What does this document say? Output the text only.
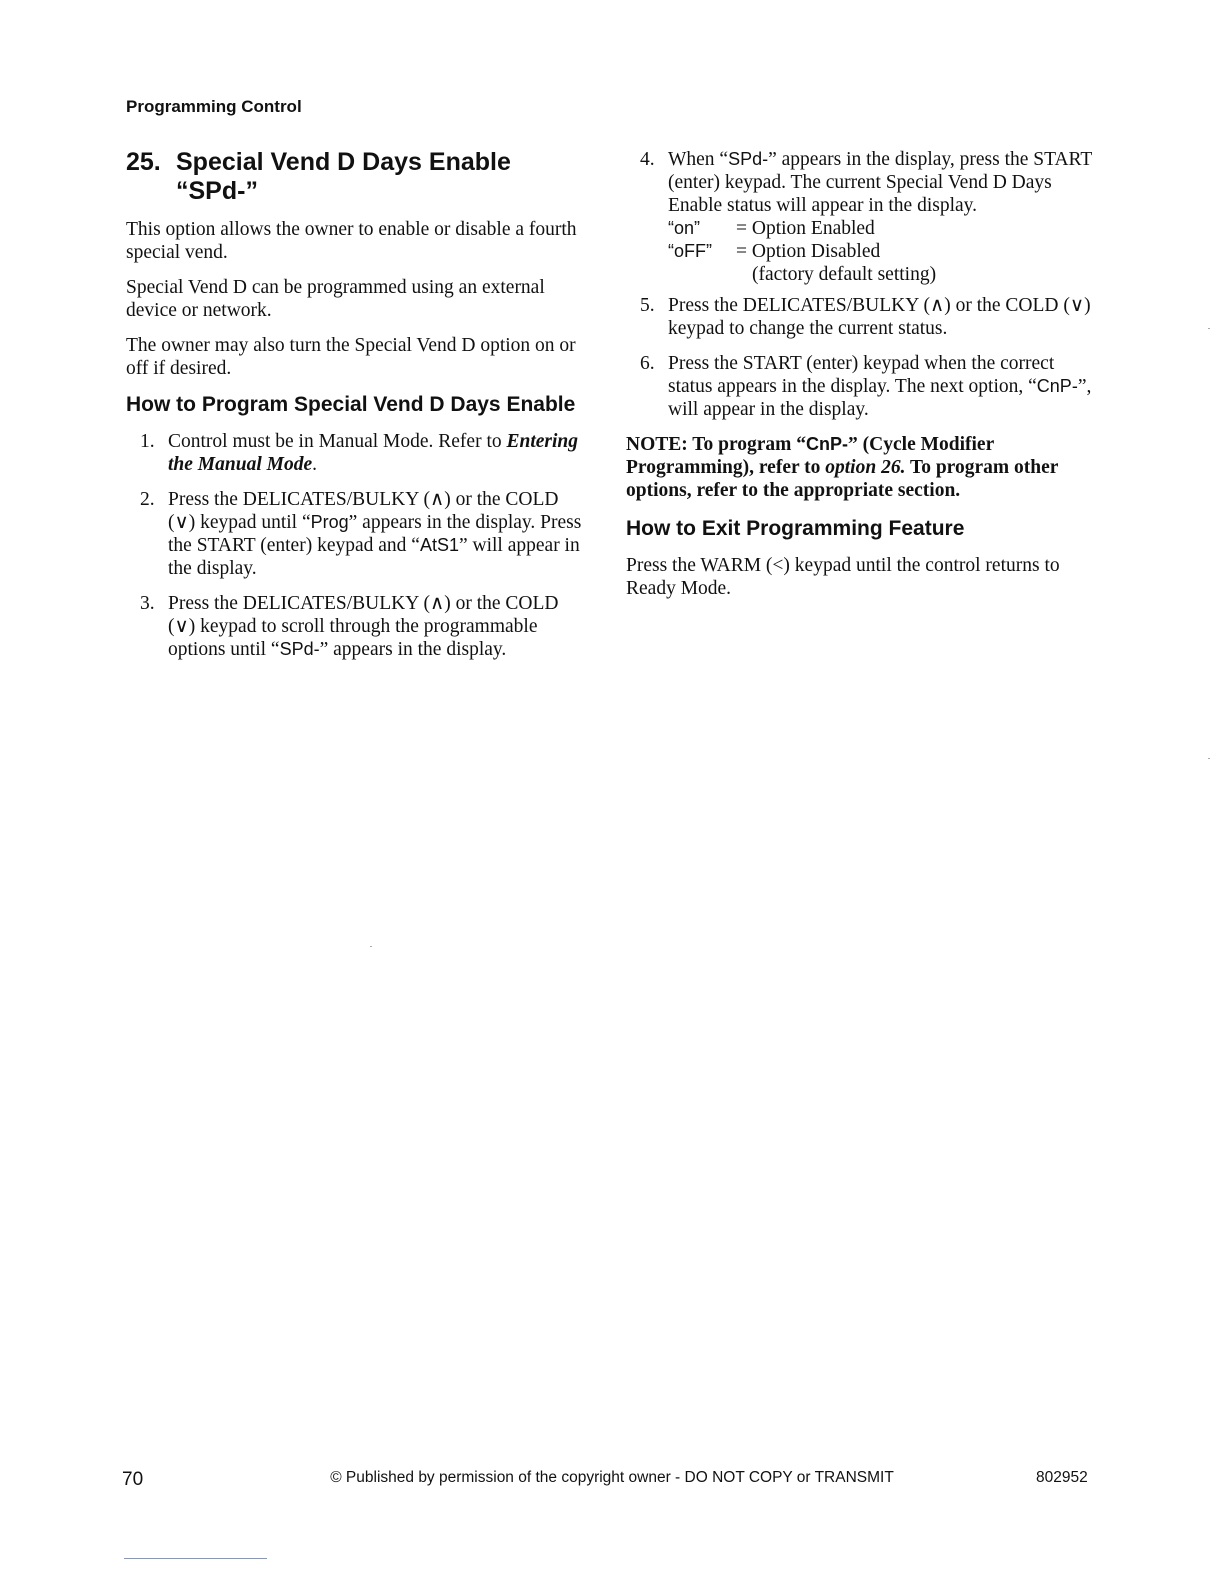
Programming Control
25. Special Vend D Days Enable
“SPd-”

This option allows the owner to enable or disable a fourth special vend.

Special Vend D can be programmed using an external device or network.

The owner may also turn the Special Vend D option on or off if desired.

How to Program Special Vend D Days Enable
1. Control must be in Manual Mode. Refer to Entering the Manual Mode.
2. Press the DELICATES/BULKY (∧) or the COLD (∨) keypad until “Prog” appears in the display. Press the START (enter) keypad and “AtS1” will appear in the display.
3. Press the DELICATES/BULKY (∧) or the COLD (∨) keypad to scroll through the programmable options until “SPd-” appears in the display.
4. When “SPd-” appears in the display, press the START (enter) keypad. The current Special Vend D Days Enable status will appear in the display.
“on”	= Option Enabled
“oFF”	= Option Disabled
(factory default setting)
5. Press the DELICATES/BULKY (∧) or the COLD (∨) keypad to change the current status.
6. Press the START (enter) keypad when the correct status appears in the display. The next option, “CnP-”, will appear in the display.
NOTE: To program “CnP-” (Cycle Modifier Programming), refer to option 26. To program other options, refer to the appropriate section.
How to Exit Programming Feature

Press the WARM (<) keypad until the control returns to Ready Mode.

70	© Published by permission of the copyright owner - DO NOT COPY or TRANSMIT	802952
